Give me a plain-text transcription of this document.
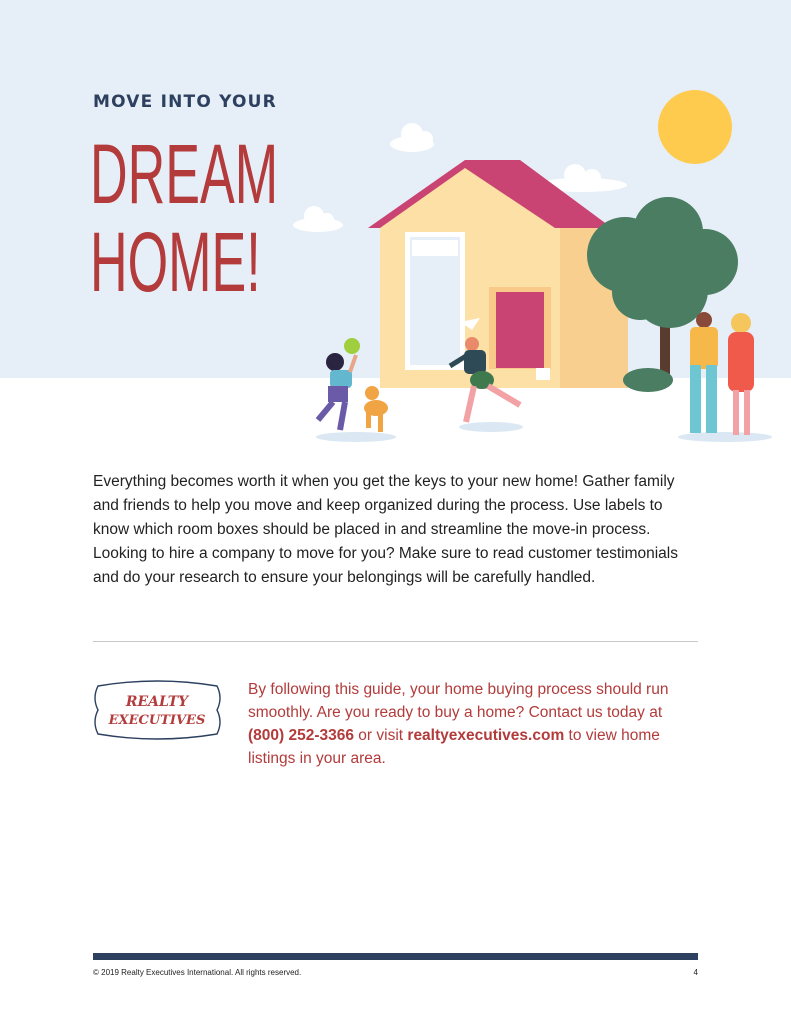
MOVE INTO YOUR
DREAM
HOME!

Everything becomes worth it when you get the keys to your new home! Gather family and friends to help you move and keep organized during the process. Use labels to know which room boxes should be placed in and streamline the move-in process. Looking to hire a company to move for you? Make sure to read customer testimonials and do your research to ensure your belongings will be carefully handled.

REALTY
EXECUTIVES

By following this guide, your home buying process should run smoothly. Are you ready to buy a home? Contact us today at (800) 252-3366 or visit realtyexecutives.com to view home listings in your area.

© 2019 Realty Executives International. All rights reserved.	4
